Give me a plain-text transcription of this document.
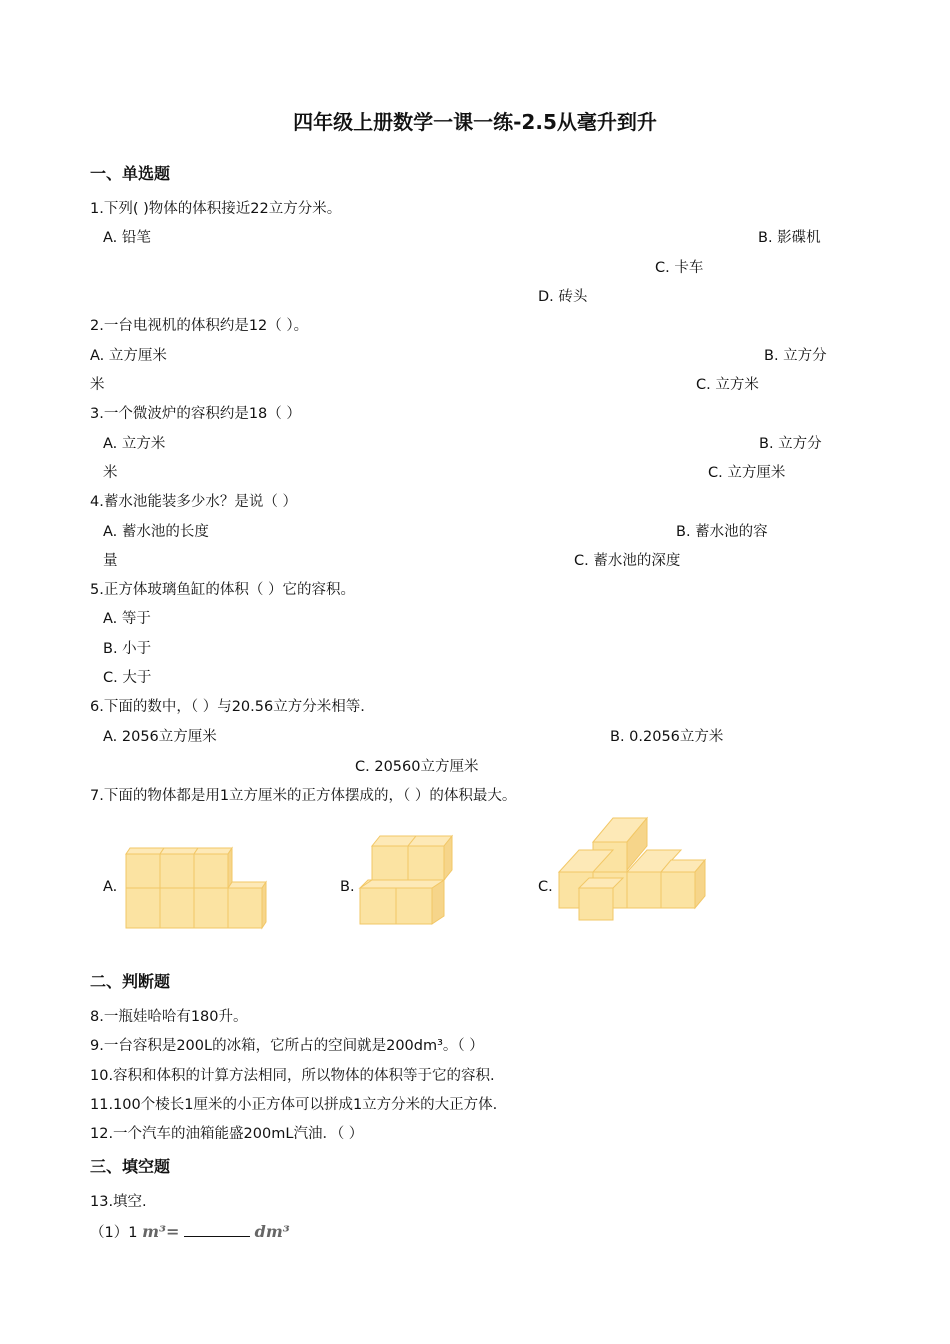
四年级上册数学一课一练-2.5从毫升到升
一、单选题
1.下列( )物体的体积接近22立方分米。
A. 铅笔	B. 影碟机
C. 卡车
D. 砖头
2.一台电视机的体积约是12（ ）。
A. 立方厘米	B. 立方分
米	C. 立方米
3.一个微波炉的容积约是18（ ）
A. 立方米	B. 立方分
米	C. 立方厘米
4.蓄水池能装多少水？是说（ ）
A. 蓄水池的长度	B. 蓄水池的容
量	C. 蓄水池的深度
5.正方体玻璃鱼缸的体积（ ）它的容积。
A. 等于
B. 小于
C. 大于
6.下面的数中，（ ）与20.56立方分米相等.
A. 2056立方厘米	B. 0.2056立方米
C. 20560立方厘米
7.下面的物体都是用1立方厘米的正方体摆成的，（ ）的体积最大。
A.	B.	C.
二、判断题
8.一瓶娃哈哈有180升。
9.一台容积是200L的冰箱，它所占的空间就是200dm³。（ ）
10.容积和体积的计算方法相同，所以物体的体积等于它的容积.
11.100个棱长1厘米的小正方体可以拼成1立方分米的大正方体.
12.一个汽车的油箱能盛200mL汽油．（ ）
三、填空题
13.填空.
（1）1 m³=	dm³
